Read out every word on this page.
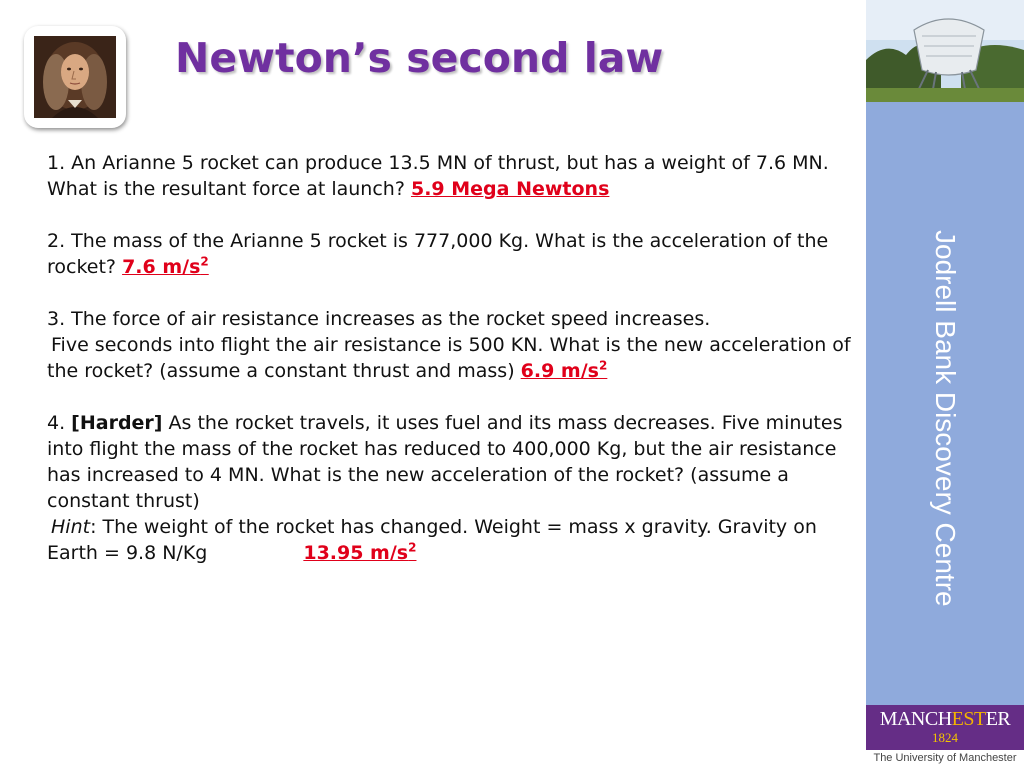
Newton’s second law

1. An Arianne 5 rocket can produce 13.5 MN of thrust, but has a weight of 7.6 MN. What is the resultant force at launch? 5.9 Mega Newtons

2. The mass of the Arianne 5 rocket is 777,000 Kg. What is the acceleration of the rocket? 7.6 $m/s^2$

3. The force of air resistance increases as the rocket speed increases.

Five seconds into flight the air resistance is 500 KN. What is the new acceleration of the rocket? (assume a constant thrust and mass) 6.9 $m/s^2$

4. [Harder] As the rocket travels, it uses fuel and its mass decreases. Five minutes into flight the mass of the rocket has reduced to 400,000 Kg, but the air resistance has increased to 4 MN. What is the new acceleration of the rocket? (assume a constant thrust)

Hint: The weight of the rocket has changed. Weight = mass x gravity. Gravity on Earth = 9.8 N/Kg	13.95 $m/s^2$	Jodrell Bank Discovery Centre
MANCHESTER
1824
The University of Manchester
